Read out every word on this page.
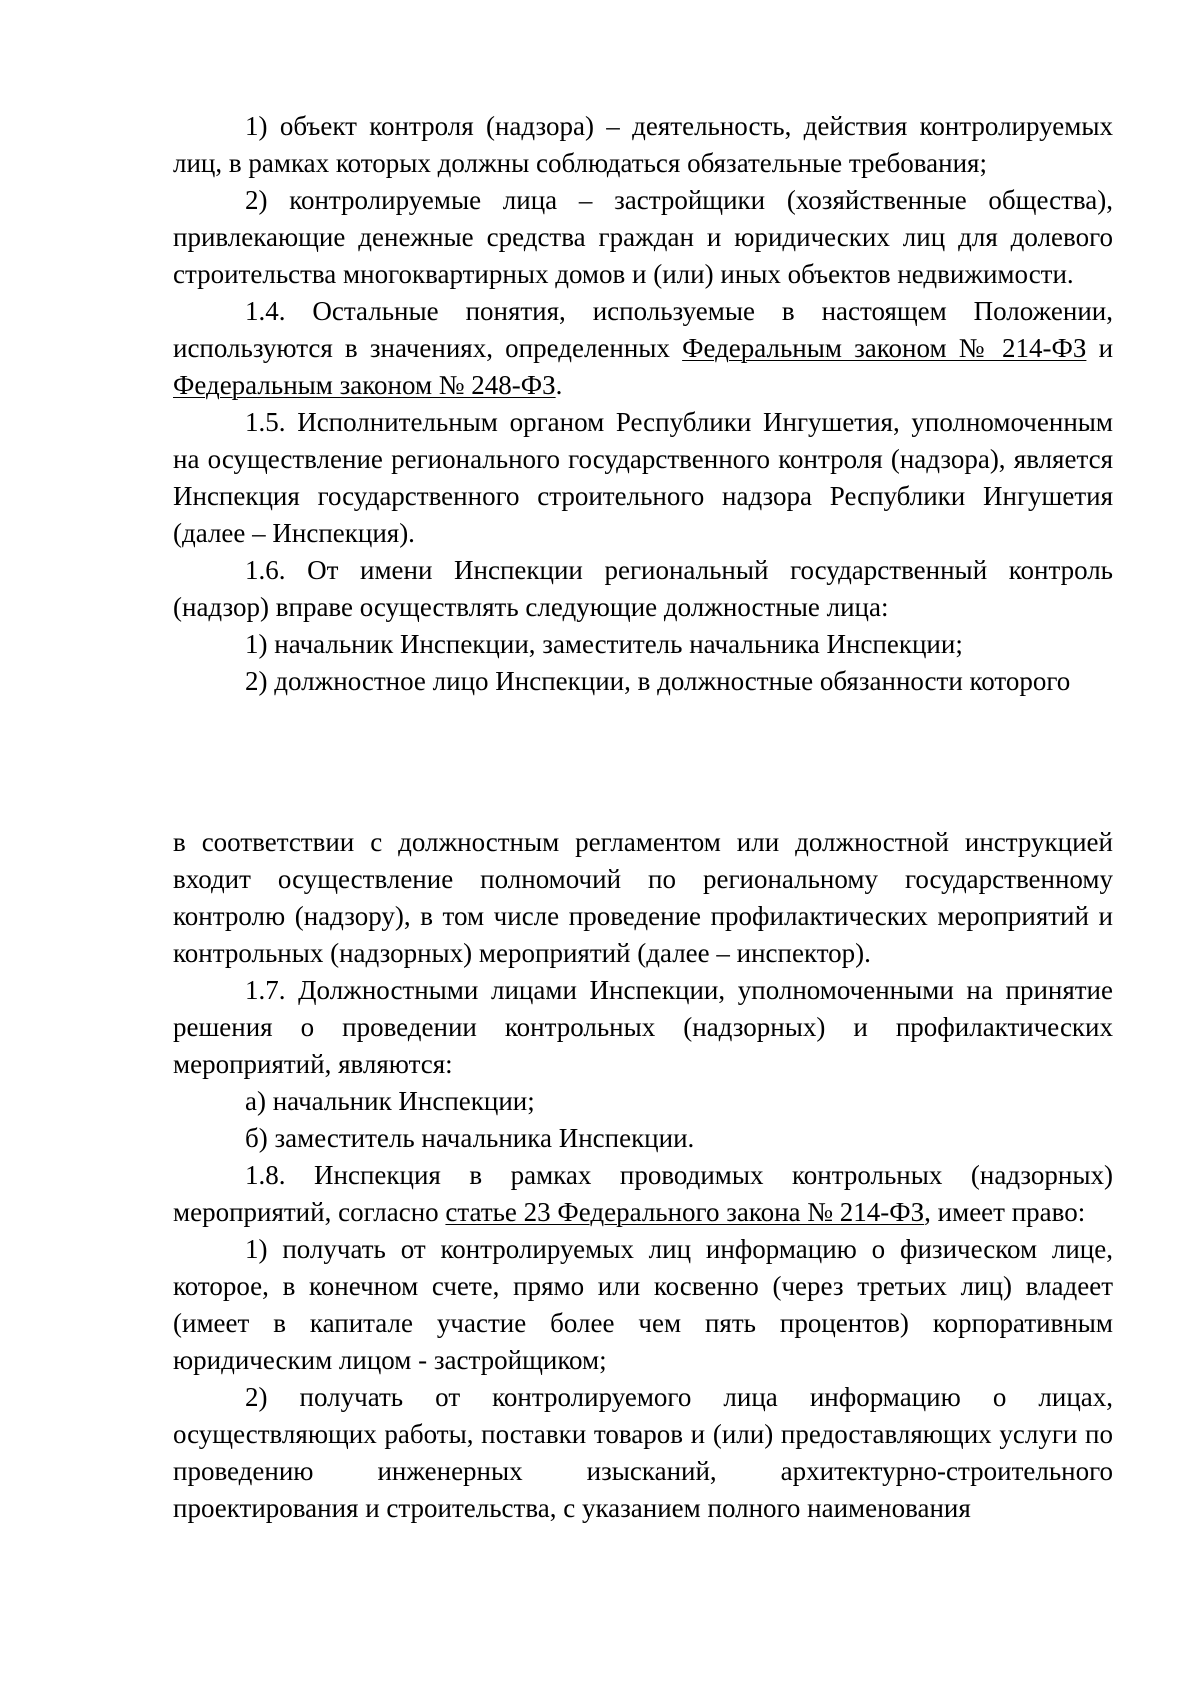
1) объект контроля (надзора) – деятельность, действия контролируемых лиц, в рамках которых должны соблюдаться обязательные требования;

2) контролируемые лица – застройщики (хозяйственные общества), привлекающие денежные средства граждан и юридических лиц для долевого строительства многоквартирных домов и (или) иных объектов недвижимости.

1.4. Остальные понятия, используемые в настоящем Положении, используются в значениях, определенных Федеральным законом № 214-ФЗ и Федеральным законом № 248-ФЗ.

1.5. Исполнительным органом Республики Ингушетия, уполномоченным на осуществление регионального государственного контроля (надзора), является Инспекция государственного строительного надзора Республики Ингушетия (далее – Инспекция).

1.6. От имени Инспекции региональный государственный контроль (надзор) вправе осуществлять следующие должностные лица:

1) начальник Инспекции, заместитель начальника Инспекции;

2) должностное лицо Инспекции, в должностные обязанности которого

в соответствии с должностным регламентом или должностной инструкцией входит осуществление полномочий по региональному государственному контролю (надзору), в том числе проведение профилактических мероприятий и контрольных (надзорных) мероприятий (далее – инспектор).

1.7. Должностными лицами Инспекции, уполномоченными на принятие решения о проведении контрольных (надзорных) и профилактических мероприятий, являются:

а) начальник Инспекции;

б) заместитель начальника Инспекции.

1.8. Инспекция в рамках проводимых контрольных (надзорных) мероприятий, согласно статье 23 Федерального закона № 214-ФЗ, имеет право:

1) получать от контролируемых лиц информацию о физическом лице, которое, в конечном счете, прямо или косвенно (через третьих лиц) владеет (имеет в капитале участие более чем пять процентов) корпоративным юридическим лицом - застройщиком;

2) получать от контролируемого лица информацию о лицах, осуществляющих работы, поставки товаров и (или) предоставляющих услуги по проведению инженерных изысканий, архитектурно-строительного проектирования и строительства, с указанием полного наименования
